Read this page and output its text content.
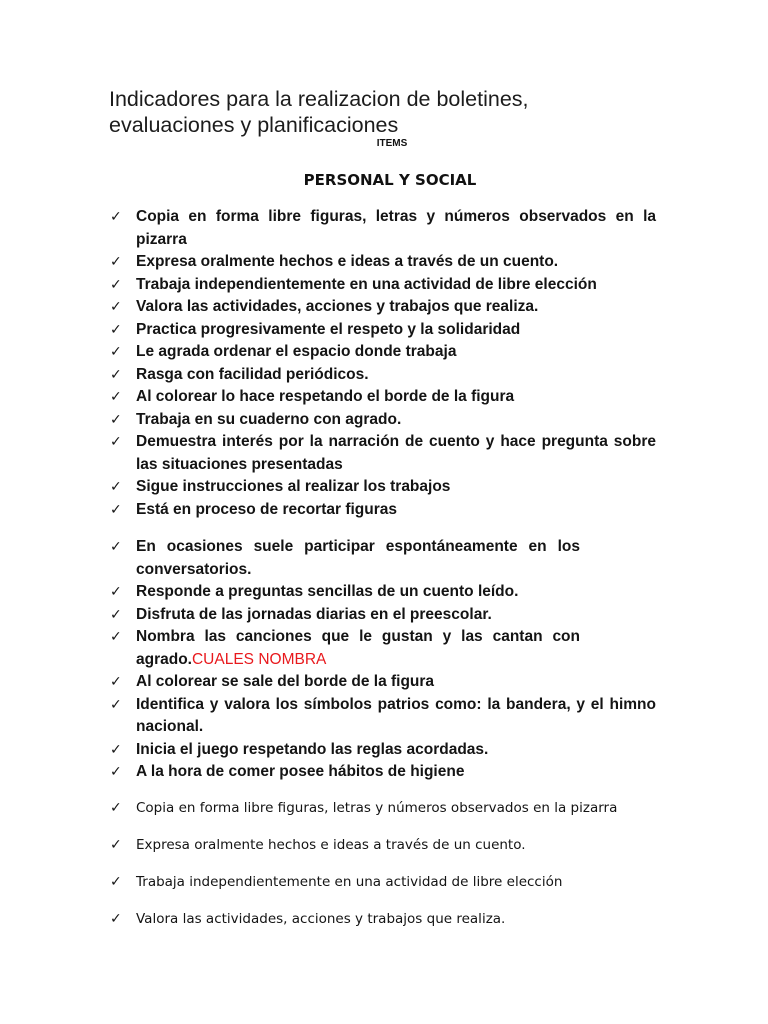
Indicadores para la realizacion de boletines,
evaluaciones y planificaciones
ITEMS
PERSONAL Y SOCIAL
✓ Copia en forma libre figuras, letras y números observados en la pizarra
✓ Expresa oralmente hechos e ideas a través de un cuento.
✓ Trabaja independientemente en una actividad de libre elección
✓ Valora las actividades, acciones y trabajos que realiza.
✓ Practica progresivamente el respeto y la solidaridad
✓ Le agrada ordenar el espacio donde trabaja
✓ Rasga con facilidad periódicos.
✓ Al colorear lo hace respetando el borde de la figura
✓ Trabaja en su cuaderno con agrado.
✓ Demuestra interés por la narración de cuento y hace pregunta sobre las situaciones presentadas
✓ Sigue instrucciones al realizar los trabajos
✓ Está en proceso de recortar figuras
✓ En ocasiones suele participar espontáneamente en los conversatorios.
✓ Responde a preguntas sencillas de un cuento leído.
✓ Disfruta de las jornadas diarias en el preescolar.
✓ Nombra las canciones que le gustan y las cantan con agrado.CUALES NOMBRA
✓ Al colorear se sale del borde de la figura
✓ Identifica y valora los símbolos patrios como: la bandera, y el himno nacional.
✓ Inicia el juego respetando las reglas acordadas.
✓ A la hora de comer posee hábitos de higiene
✓ Copia en forma libre figuras, letras y números observados en la pizarra
✓ Expresa oralmente hechos e ideas a través de un cuento.
✓ Trabaja independientemente en una actividad de libre elección
✓ Valora las actividades, acciones y trabajos que realiza.
